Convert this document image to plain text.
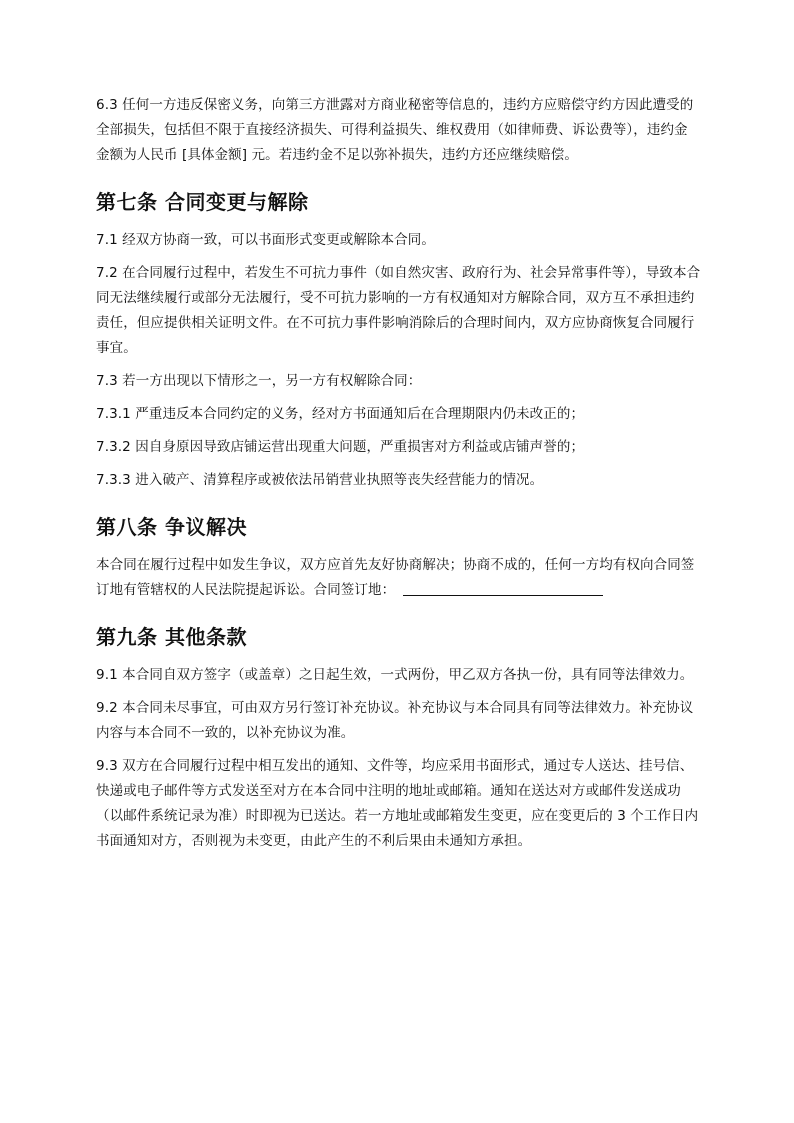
6.3 任何一方违反保密义务，向第三方泄露对方商业秘密等信息的，违约方应赔偿守约方因此遭受的全部损失，包括但不限于直接经济损失、可得利益损失、维权费用（如律师费、诉讼费等），违约金金额为人民币 [具体金额] 元。若违约金不足以弥补损失，违约方还应继续赔偿。

第七条 合同变更与解除

7.1 经双方协商一致，可以书面形式变更或解除本合同。

7.2 在合同履行过程中，若发生不可抗力事件（如自然灾害、政府行为、社会异常事件等），导致本合同无法继续履行或部分无法履行，受不可抗力影响的一方有权通知对方解除合同，双方互不承担违约责任，但应提供相关证明文件。在不可抗力事件影响消除后的合理时间内，双方应协商恢复合同履行事宜。

7.3 若一方出现以下情形之一，另一方有权解除合同：

7.3.1 严重违反本合同约定的义务，经对方书面通知后在合理期限内仍未改正的；

7.3.2 因自身原因导致店铺运营出现重大问题，严重损害对方利益或店铺声誉的；

7.3.3 进入破产、清算程序或被依法吊销营业执照等丧失经营能力的情况。

第八条 争议解决

本合同在履行过程中如发生争议，双方应首先友好协商解决；协商不成的，任何一方均有权向合同签订地有管辖权的人民法院提起诉讼。合同签订地：

第九条 其他条款

9.1 本合同自双方签字（或盖章）之日起生效，一式两份，甲乙双方各执一份，具有同等法律效力。

9.2 本合同未尽事宜，可由双方另行签订补充协议。补充协议与本合同具有同等法律效力。补充协议内容与本合同不一致的，以补充协议为准。

9.3 双方在合同履行过程中相互发出的通知、文件等，均应采用书面形式，通过专人送达、挂号信、快递或电子邮件等方式发送至对方在本合同中注明的地址或邮箱。通知在送达对方或邮件发送成功（以邮件系统记录为准）时即视为已送达。若一方地址或邮箱发生变更，应在变更后的 3 个工作日内书面通知对方，否则视为未变更，由此产生的不利后果由未通知方承担。
